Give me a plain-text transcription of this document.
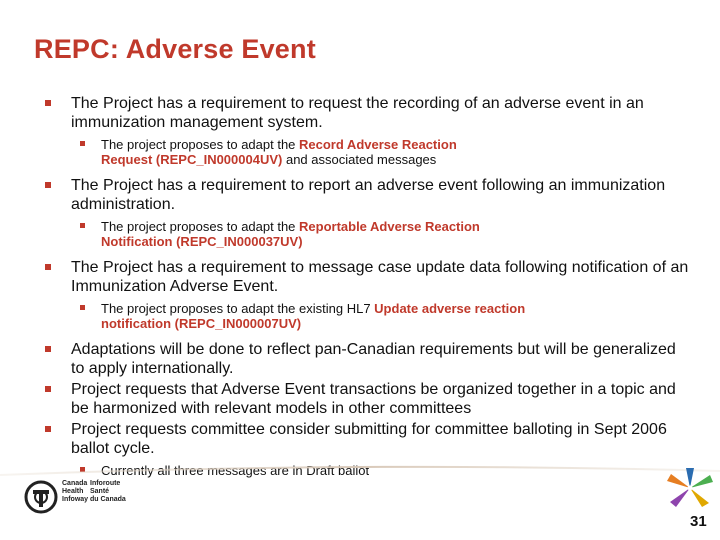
REPC: Adverse Event
The Project has a requirement to request the recording of an adverse event in an immunization management system.
The project proposes to adapt the Record Adverse Reaction
Request (REPC_IN000004UV) and associated messages
The Project has a requirement to report an adverse event following an immunization administration.
The project proposes to adapt the Reportable Adverse Reaction
Notification (REPC_IN000037UV)
The Project has a requirement to message case update data following notification of an Immunization Adverse Event.
The project proposes to adapt the existing HL7 Update adverse reaction
notification (REPC_IN000007UV)
Adaptations will be done to reflect pan-Canadian requirements but will be generalized to apply internationally.
Project requests that Adverse Event transactions be organized together in a topic and be harmonized with relevant models in other committees
Project requests committee consider submitting for committee balloting in Sept 2006 ballot cycle.
Currently all three messages are in Draft ballot
Canada
Health
Infoway
Inforoute
Santé
du Canada
31
